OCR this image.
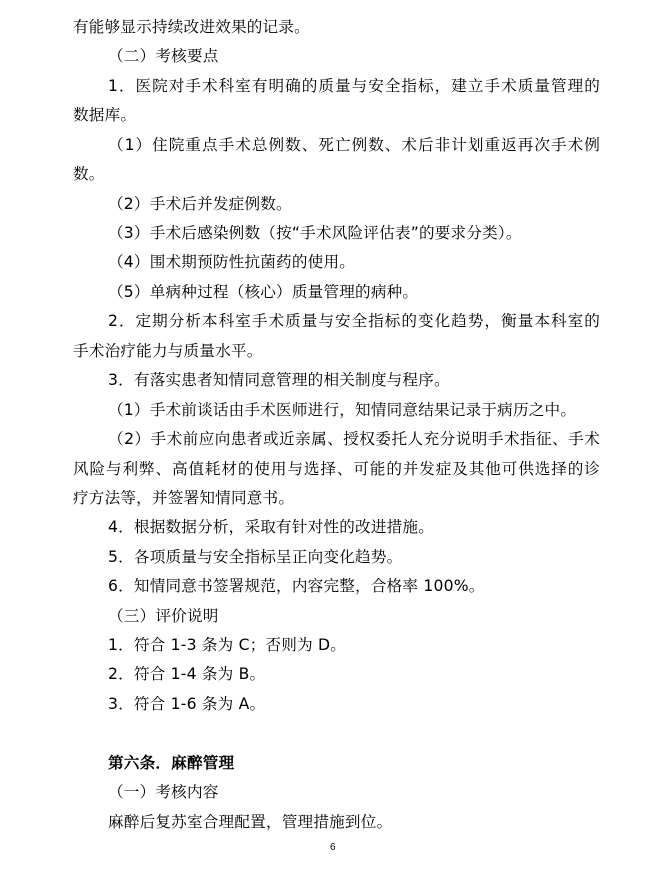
有能够显示持续改进效果的记录。
（二）考核要点
1．医院对手术科室有明确的质量与安全指标，建立手术质量管理的
数据库。
（1）住院重点手术总例数、死亡例数、术后非计划重返再次手术例
数。
（2）手术后并发症例数。
（3）手术后感染例数（按“手术风险评估表”的要求分类）。
（4）围术期预防性抗菌药的使用。
（5）单病种过程（核心）质量管理的病种。
2．定期分析本科室手术质量与安全指标的变化趋势，衡量本科室的
手术治疗能力与质量水平。
3．有落实患者知情同意管理的相关制度与程序。
（1）手术前谈话由手术医师进行，知情同意结果记录于病历之中。
（2）手术前应向患者或近亲属、授权委托人充分说明手术指征、手术
风险与利弊、高值耗材的使用与选择、可能的并发症及其他可供选择的诊
疗方法等，并签署知情同意书。
4．根据数据分析，采取有针对性的改进措施。
5．各项质量与安全指标呈正向变化趋势。
6．知情同意书签署规范，内容完整，合格率 100%。
（三）评价说明
1．符合 1-3 条为 C；否则为 D。
2．符合 1-4 条为 B。
3．符合 1-6 条为 A。
第六条．麻醉管理
（一）考核内容
麻醉后复苏室合理配置，管理措施到位。
6
